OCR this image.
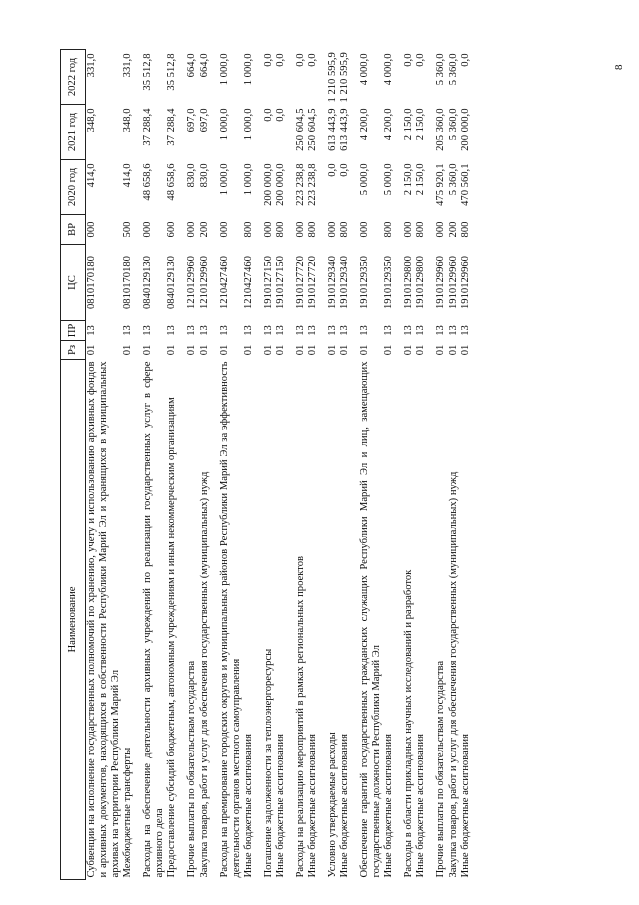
8
Наименование	Рз	ПР	ЦС	ВР	2020 год	2021 год	2022 год
Субвенции на исполнение государственных полномочий по хранению, учету и использованию архивных фондов и архивных документов, находящихся в собственности Республики Марий Эл и хранящихся в муниципальных архивах на территории Республики Марий Эл	01	13	0810170180	000	414,0	348,0	331,0
Межбюджетные трансферты	01	13	0810170180	500	414,0	348,0	331,0

Расходы на обеспечение деятельности архивных учреждений по реализации государственных услуг в сфере архивного дела	01	13	0840129130	000	48 658,6	37 288,4	35 512,8
Предоставление субсидий бюджетным, автономным учреждениям и иным некоммерческим организациям	01	13	0840129130	600	48 658,6	37 288,4	35 512,8

Прочие выплаты по обязательствам государства	01	13	1210129960	000	830,0	697,0	664,0
Закупка товаров, работ и услуг для обеспечения государственных (муниципальных) нужд	01	13	1210129960	200	830,0	697,0	664,0

Расходы на премирование городских округов и муниципальных районов Республики Марий Эл за эффективность деятельности органов местного самоуправления	01	13	1210427460	000	1 000,0	1 000,0	1 000,0
Иные бюджетные ассигнования	01	13	1210427460	800	1 000,0	1 000,0	1 000,0

Погашение задолженности за теплоэнергоресурсы	01	13	1910127150	000	200 000,0	0,0	0,0
Иные бюджетные ассигнования	01	13	1910127150	800	200 000,0	0,0	0,0

Расходы на реализацию мероприятий в рамках региональных проектов	01	13	1910127720	000	223 238,8	250 604,5	0,0
Иные бюджетные ассигнования	01	13	1910127720	800	223 238,8	250 604,5	0,0

Условно утверждаемые расходы	01	13	1910129340	000	0,0	613 443,9	1 210 595,9
Иные бюджетные ассигнования	01	13	1910129340	800	0,0	613 443,9	1 210 595,9

Обеспечение гарантий государственных гражданских служащих Республики Марий Эл и лиц, замещающих государственные должности Республики Марий Эл	01	13	1910129350	000	5 000,0	4 200,0	4 000,0
Иные бюджетные ассигнования	01	13	1910129350	800	5 000,0	4 200,0	4 000,0

Расходы в области прикладных научных исследований и разработок	01	13	1910129800	000	2 150,0	2 150,0	0,0
Иные бюджетные ассигнования	01	13	1910129800	800	2 150,0	2 150,0	0,0

Прочие выплаты по обязательствам государства	01	13	1910129960	000	475 920,1	205 360,0	5 360,0
Закупка товаров, работ и услуг для обеспечения государственных (муниципальных) нужд	01	13	1910129960	200	5 360,0	5 360,0	5 360,0
Иные бюджетные ассигнования	01	13	1910129960	800	470 560,1	200 000,0	0,0
